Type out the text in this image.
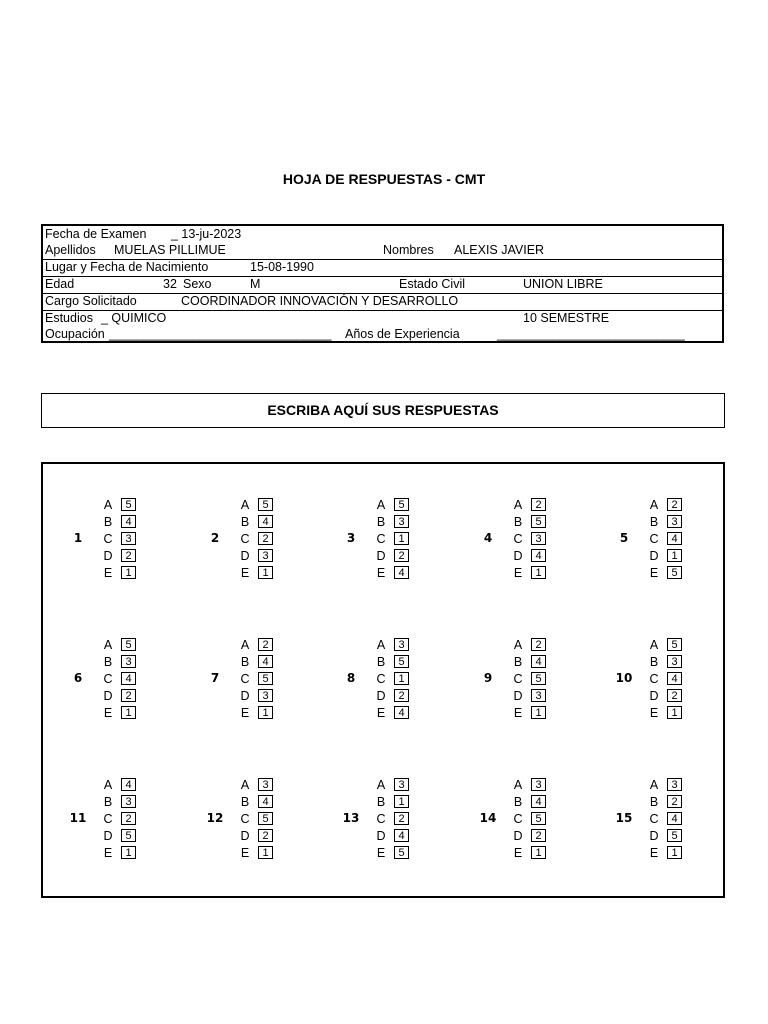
HOJA DE RESPUESTAS - CMT
Fecha de Examen _ 13-ju-2023
Apellidos MUELAS PILLIMUE	Nombres ALEXIS JAVIER
Lugar y Fecha de Nacimiento	15-08-1990
Edad	32 Sexo	M	Estado Civil	UNION LIBRE
Cargo Solicitado	COORDINADOR INNOVACIÓN Y DESARROLLO
Estudios _ QUIMICO	10 SEMESTRE
Ocupación ________________________________ Años de Experiencia	___________________________
ESCRIBA AQUÍ SUS RESPUESTAS
1
A	5
B	4
C	3
D	2
E	1
2
A	5
B	4
C	2
D	3
E	1
3
A	5
B	3
C	1
D	2
E	4
4
A	2
B	5
C	3
D	4
E	1
5
A	2
B	3
C	4
D	1
E	5
6
A	5
B	3
C	4
D	2
E	1
7
A	2
B	4
C	5
D	3
E	1
8
A	3
B	5
C	1
D	2
E	4
9
A	2
B	4
C	5
D	3
E	1
10
A	5
B	3
C	4
D	2
E	1
11
A	4
B	3
C	2
D	5
E	1
12
A	3
B	4
C	5
D	2
E	1
13
A	3
B	1
C	2
D	4
E	5
14
A	3
B	4
C	5
D	2
E	1
15
A	3
B	2
C	4
D	5
E	1
